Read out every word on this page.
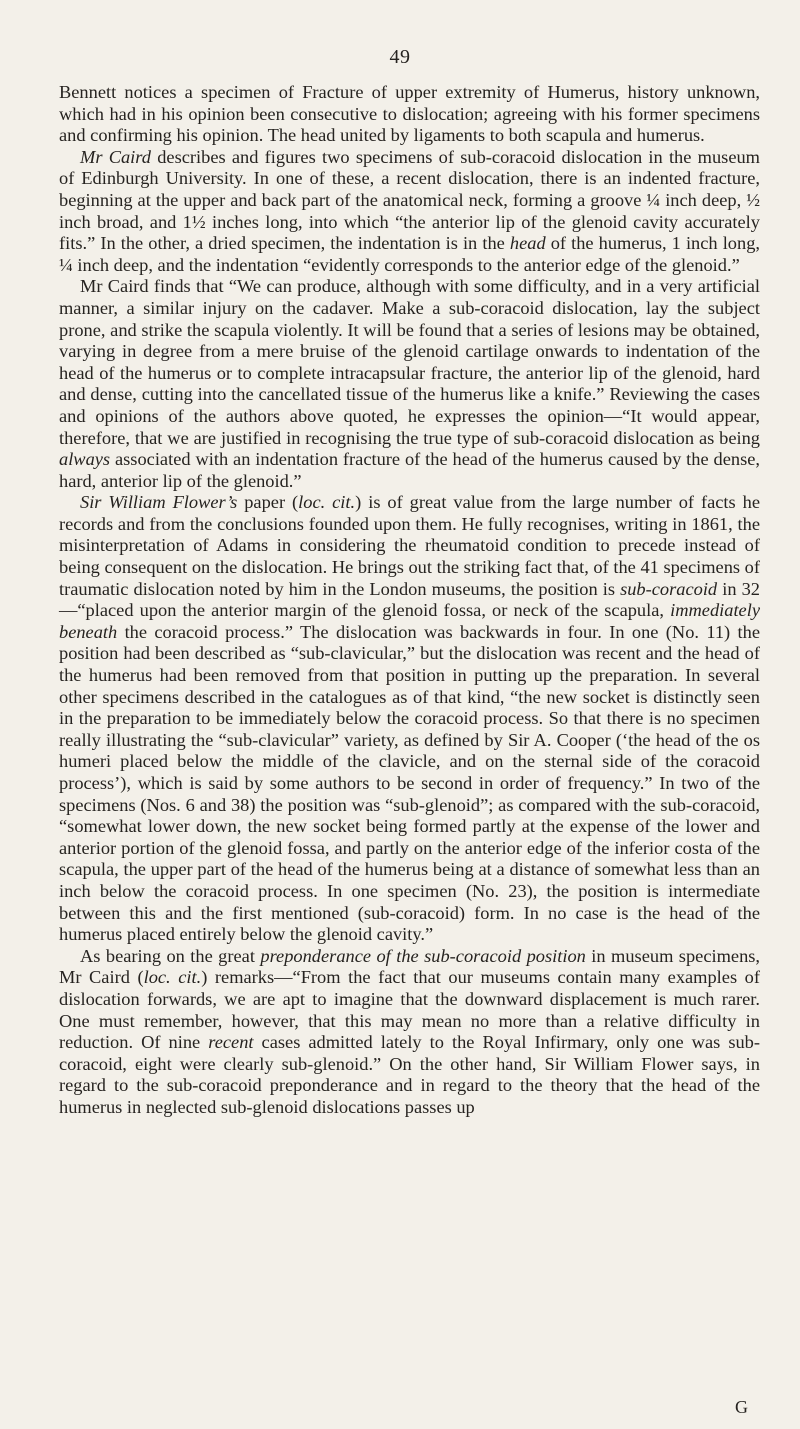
49

Bennett notices a specimen of Fracture of upper extremity of Humerus, history unknown, which had in his opinion been consecutive to dislocation; agreeing with his former specimens and confirming his opinion. The head united by ligaments to both scapula and humerus.

Mr Caird describes and figures two specimens of sub-coracoid dislocation in the museum of Edinburgh University. In one of these, a recent dislocation, there is an indented fracture, beginning at the upper and back part of the anatomical neck, forming a groove ¼ inch deep, ½ inch broad, and 1½ inches long, into which “the anterior lip of the glenoid cavity accurately fits.” In the other, a dried specimen, the indentation is in the head of the humerus, 1 inch long, ¼ inch deep, and the indentation “evidently corresponds to the anterior edge of the glenoid.”

Mr Caird finds that “We can produce, although with some difficulty, and in a very artificial manner, a similar injury on the cadaver. Make a sub-coracoid dislocation, lay the subject prone, and strike the scapula violently. It will be found that a series of lesions may be obtained, varying in degree from a mere bruise of the glenoid cartilage onwards to indentation of the head of the humerus or to complete intracapsular fracture, the anterior lip of the glenoid, hard and dense, cutting into the cancellated tissue of the humerus like a knife.” Reviewing the cases and opinions of the authors above quoted, he expresses the opinion—“It would appear, therefore, that we are justified in recognising the true type of sub-coracoid dislocation as being always associated with an indentation fracture of the head of the humerus caused by the dense, hard, anterior lip of the glenoid.”

Sir William Flower’s paper (loc. cit.) is of great value from the large number of facts he records and from the conclusions founded upon them. He fully recognises, writing in 1861, the misinterpretation of Adams in considering the rheumatoid condition to precede instead of being consequent on the dislocation. He brings out the striking fact that, of the 41 specimens of traumatic dislocation noted by him in the London museums, the position is sub-coracoid in 32—“placed upon the anterior margin of the glenoid fossa, or neck of the scapula, immediately beneath the coracoid process.” The dislocation was backwards in four. In one (No. 11) the position had been described as “sub-clavicular,” but the dislocation was recent and the head of the humerus had been removed from that position in putting up the preparation. In several other specimens described in the catalogues as of that kind, “the new socket is distinctly seen in the preparation to be immediately below the coracoid process. So that there is no specimen really illustrating the “sub-clavicular” variety, as defined by Sir A. Cooper (‘the head of the os humeri placed below the middle of the clavicle, and on the sternal side of the coracoid process’), which is said by some authors to be second in order of frequency.” In two of the specimens (Nos. 6 and 38) the position was “sub-glenoid”; as compared with the sub-coracoid, “somewhat lower down, the new socket being formed partly at the expense of the lower and anterior portion of the glenoid fossa, and partly on the anterior edge of the inferior costa of the scapula, the upper part of the head of the humerus being at a distance of somewhat less than an inch below the coracoid process. In one specimen (No. 23), the position is intermediate between this and the first mentioned (sub-coracoid) form. In no case is the head of the humerus placed entirely below the glenoid cavity.”

As bearing on the great preponderance of the sub-coracoid position in museum specimens, Mr Caird (loc. cit.) remarks—“From the fact that our museums contain many examples of dislocation forwards, we are apt to imagine that the downward displacement is much rarer. One must remember, however, that this may mean no more than a relative difficulty in reduction. Of nine recent cases admitted lately to the Royal Infirmary, only one was sub-coracoid, eight were clearly sub-glenoid.” On the other hand, Sir William Flower says, in regard to the sub-coracoid preponderance and in regard to the theory that the head of the humerus in neglected sub-glenoid dislocations passes up

G
